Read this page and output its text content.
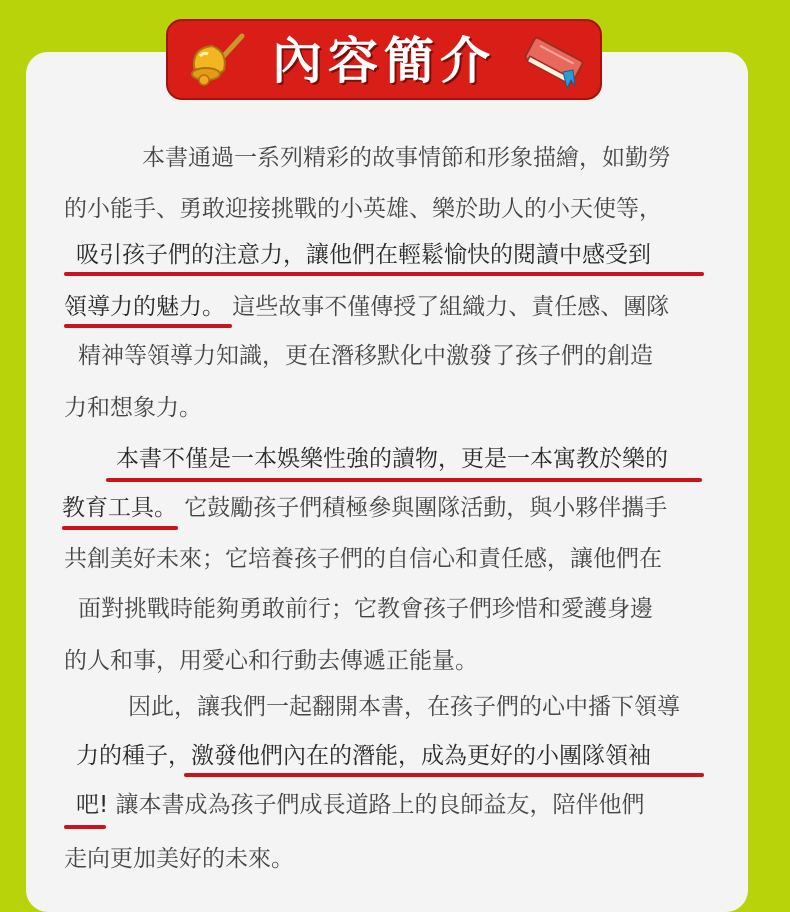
內容簡介
本書通過一系列精彩的故事情節和形象描繪，如勤勞
的小能手、勇敢迎接挑戰的小英雄、樂於助人的小天使等，
吸引孩子們的注意力，讓他們在輕鬆愉快的閱讀中感受到
領導力的魅力。 這些故事不僅傳授了組織力、責任感、團隊
精神等領導力知識，更在潛移默化中激發了孩子們的創造
力和想象力。
本書不僅是一本娛樂性強的讀物，更是一本寓教於樂的
教育工具。 它鼓勵孩子們積極參與團隊活動，與小夥伴攜手
共創美好未來；它培養孩子們的自信心和責任感，讓他們在
面對挑戰時能夠勇敢前行；它教會孩子們珍惜和愛護身邊
的人和事，用愛心和行動去傳遞正能量。
因此，讓我們一起翻開本書，在孩子們的心中播下領導
力的種子，激發他們內在的潛能，成為更好的小團隊領袖
吧! 讓本書成為孩子們成長道路上的良師益友，陪伴他們
走向更加美好的未來。
